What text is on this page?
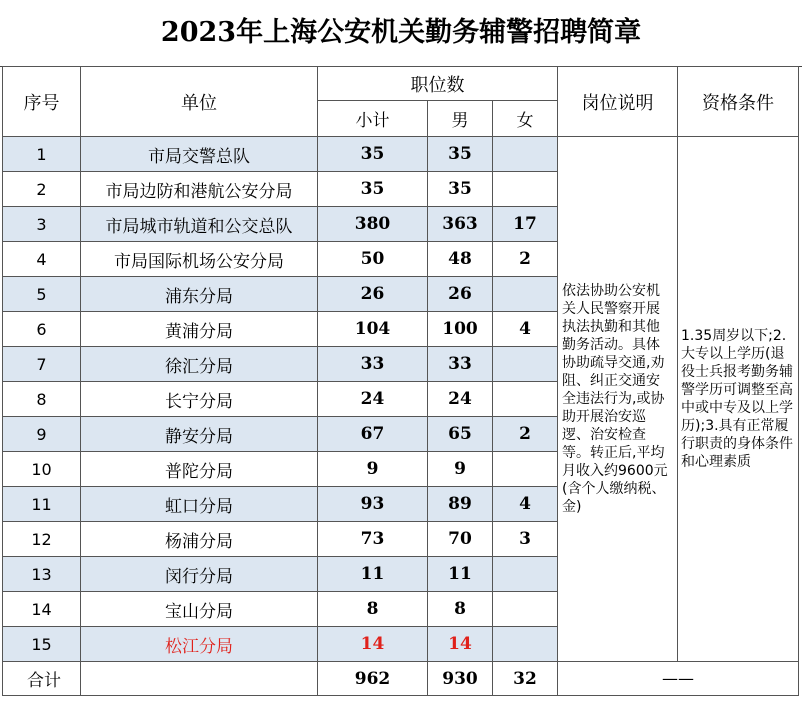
2023年上海公安机关勤务辅警招聘简章
序号	单位	职位数			岗位说明	资格条件
		小计	男	女		
1	市局交警总队	35	35		依法协助公安机关人民警察开展执法执勤和其他勤务活动。具体协助疏导交通,劝阻、纠正交通安全违法行为,或协助开展治安巡逻、治安检查等。转正后,平均月收入约9600元(含个人缴纳税、金)	1.35周岁以下;2.大专以上学历(退役士兵报考勤务辅警学历可调整至高中或中专及以上学历);3.具有正常履行职责的身体条件和心理素质
2	市局边防和港航公安分局	35	35			
3	市局城市轨道和公交总队	380	363	17		
4	市局国际机场公安分局	50	48	2		
5	浦东分局	26	26			
6	黄浦分局	104	100	4		
7	徐汇分局	33	33			
8	长宁分局	24	24			
9	静安分局	67	65	2		
10	普陀分局	9	9			
11	虹口分局	93	89	4		
12	杨浦分局	73	70	3		
13	闵行分局	11	11			
14	宝山分局	8	8			
15	松江分局	14	14			
合计		962	930	32	——	
